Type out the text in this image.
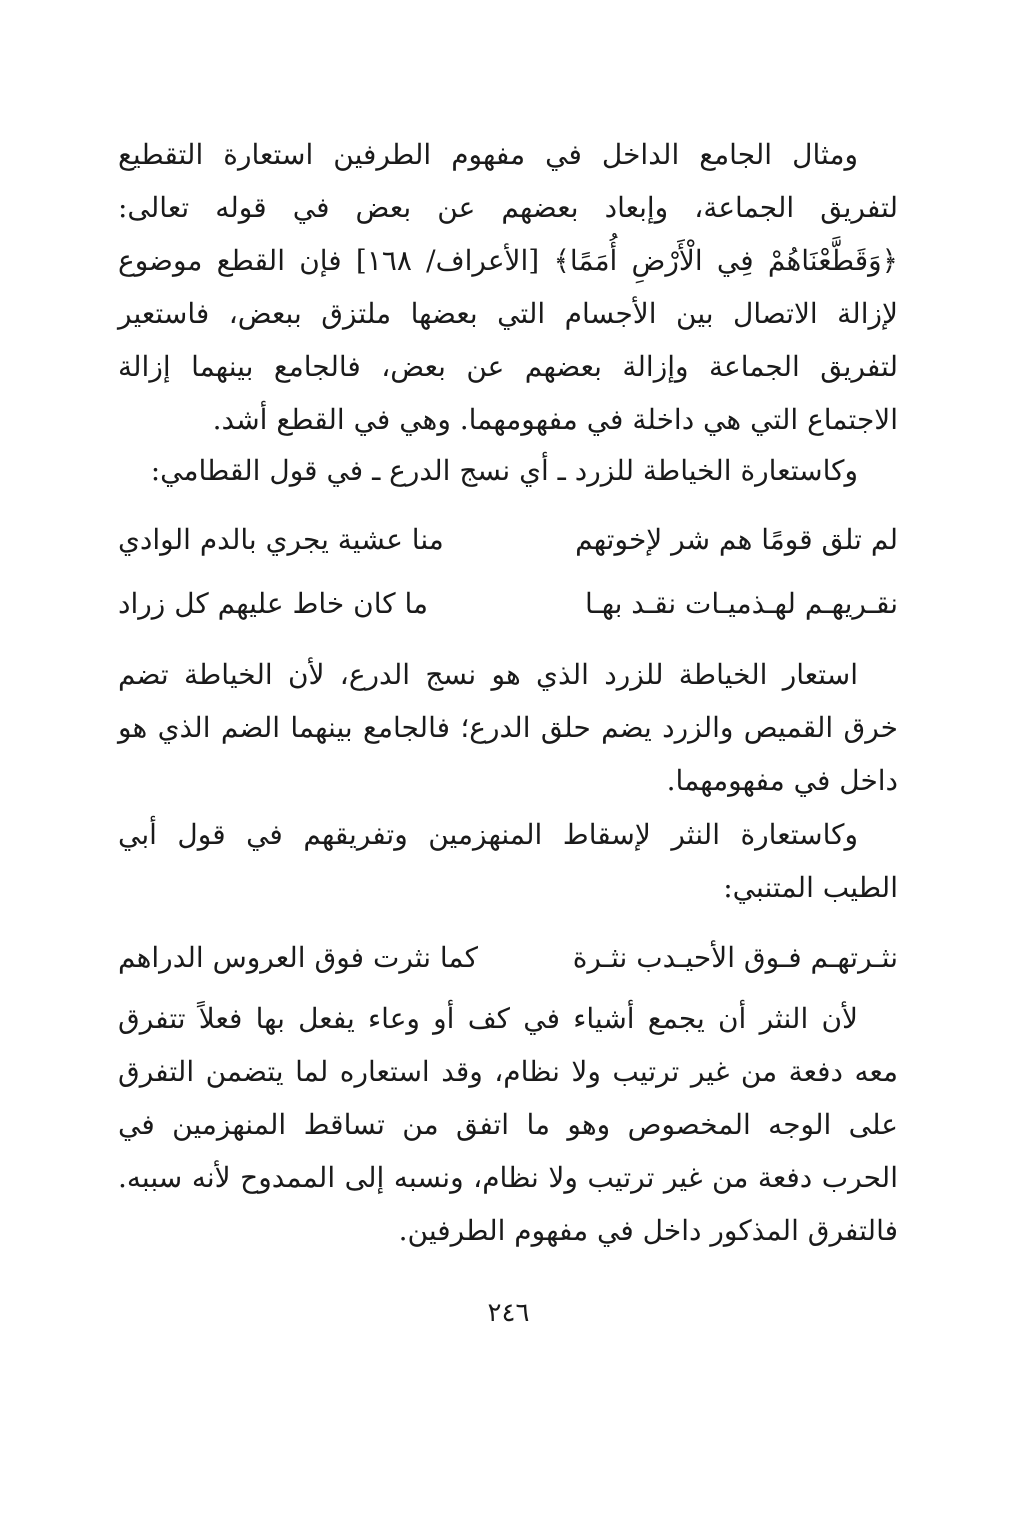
ومثال الجامع الداخل في مفهوم الطرفين استعارة التقطيع لتفريق الجماعة، وإبعاد بعضهم عن بعض في قوله تعالى: ﴿وَقَطَّعْنَاهُمْ فِي الْأَرْضِ أُمَمًا﴾ [الأعراف/ ١٦٨] فإن القطع موضوع لإزالة الاتصال بين الأجسام التي بعضها ملتزق ببعض، فاستعير لتفريق الجماعة وإزالة بعضهم عن بعض، فالجامع بينهما إزالة الاجتماع التي هي داخلة في مفهومهما. وهي في القطع أشد.

وكاستعارة الخياطة للزرد ـ أي نسج الدرع ـ في قول القطامي:

لم تلق قومًا هم شر لإخوتهم
منا عشية يجري بالدم الوادي
نقـريهـم لهـذميـات نقـد بهـا
ما كان خاط عليهم كل زراد

استعار الخياطة للزرد الذي هو نسج الدرع، لأن الخياطة تضم خرق القميص والزرد يضم حلق الدرع؛ فالجامع بينهما الضم الذي هو داخل في مفهومهما.

وكاستعارة النثر لإسقاط المنهزمين وتفريقهم في قول أبي الطيب المتنبي:

نثـرتهـم فـوق الأحيـدب نثـرة
كما نثرت فوق العروس الدراهم

لأن النثر أن يجمع أشياء في كف أو وعاء يفعل بها فعلاً تتفرق معه دفعة من غير ترتيب ولا نظام، وقد استعاره لما يتضمن التفرق على الوجه المخصوص وهو ما اتفق من تساقط المنهزمين في الحرب دفعة من غير ترتيب ولا نظام، ونسبه إلى الممدوح لأنه سببه. فالتفرق المذكور داخل في مفهوم الطرفين.

٢٤٦
